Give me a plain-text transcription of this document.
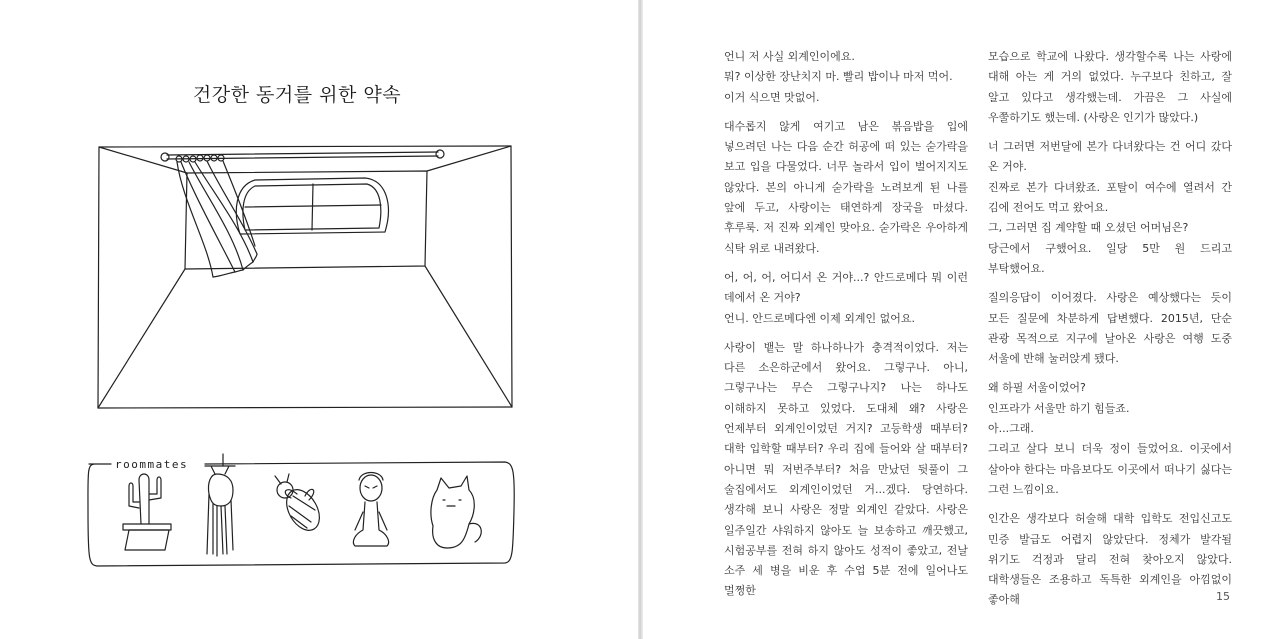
건강한 동거를 위한 약속
roommates

언니 저 사실 외계인이에요.
뭐? 이상한 장난치지 마. 빨리 밥이나 마저 먹어.
이거 식으면 맛없어.

대수롭지 않게 여기고 남은 볶음밥을 입에 넣으려던 나는 다음 순간 허공에 떠 있는 숟가락을 보고 입을 다물었다. 너무 놀라서 입이 벌어지지도 않았다. 본의 아니게 숟가락을 노려보게 된 나를 앞에 두고, 사랑이는 태연하게 장국을 마셨다. 후루룩. 저 진짜 외계인 맞아요. 숟가락은 우아하게 식탁 위로 내려왔다.

어, 어, 어, 어디서 온 거야...? 안드로메다 뭐 이런 데에서 온 거야?
언니. 안드로메다엔 이제 외계인 없어요.

사랑이 뱉는 말 하나하나가 충격적이었다. 저는 다른 소은하군에서 왔어요. 그렇구나. 아니, 그렇구나는 무슨 그렇구나지? 나는 하나도 이해하지 못하고 있었다. 도대체 왜? 사랑은 언제부터 외계인이었던 거지? 고등학생 때부터? 대학 입학할 때부터? 우리 집에 들어와 살 때부터? 아니면 뭐 저번주부터? 처음 만났던 뒷풀이 그 술집에서도 외계인이었던 거...겠다. 당연하다. 생각해 보니 사랑은 정말 외계인 같았다. 사랑은 일주일간 샤워하지 않아도 늘 보송하고 깨끗했고, 시험공부를 전혀 하지 않아도 성적이 좋았고, 전날 소주 세 병을 비운 후 수업 5분 전에 일어나도 멀쩡한

모습으로 학교에 나왔다. 생각할수록 나는 사랑에 대해 아는 게 거의 없었다. 누구보다 친하고, 잘 알고 있다고 생각했는데. 가끔은 그 사실에 우쭐하기도 했는데. (사랑은 인기가 많았다.)

너 그러면 저번달에 본가 다녀왔다는 건 어디 갔다 온 거야.
진짜로 본가 다녀왔죠. 포탈이 여수에 열려서 간 김에 전어도 먹고 왔어요.
그, 그러면 집 계약할 때 오셨던 어머님은?
당근에서 구했어요. 일당 5만 원 드리고 부탁했어요.

질의응답이 이어졌다. 사랑은 예상했다는 듯이 모든 질문에 차분하게 답변했다. 2015년, 단순 관광 목적으로 지구에 날아온 사랑은 여행 도중 서울에 반해 눌러앉게 됐다.

왜 하필 서울이었어?
인프라가 서울만 하기 힘들죠.
아...그래.
그리고 살다 보니 더욱 정이 들었어요. 이곳에서 살아야 한다는 마음보다도 이곳에서 떠나기 싫다는 그런 느낌이요.

인간은 생각보다 허술해 대학 입학도 전입신고도 민증 발급도 어렵지 않았단다. 정체가 발각될 위기도 걱정과 달리 전혀 찾아오지 않았다. 대학생들은 조용하고 독특한 외계인을 아낌없이 좋아해	15
